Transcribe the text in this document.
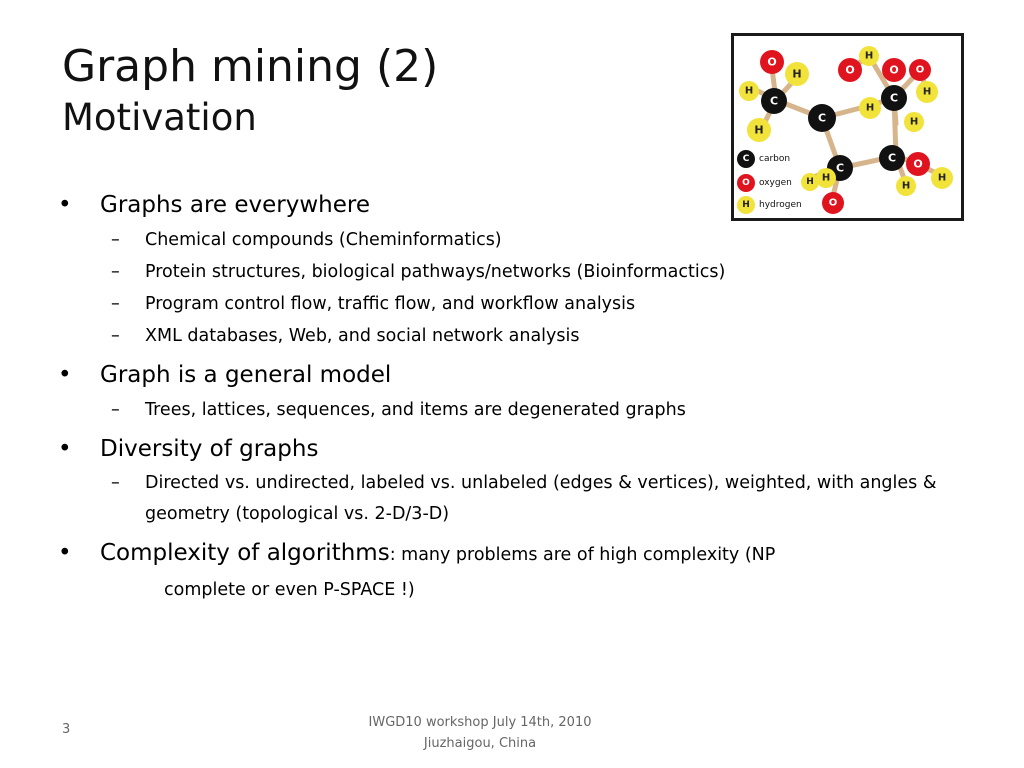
Graph mining (2)
Motivation
O
H
H
C
H
C
O
H
H
O O
C H
H
C
O
H
H
C O
H
H
C carbon
O oxygen
H hydrogen
• Graphs are everywhere
– Chemical compounds (Cheminformatics)
– Protein structures, biological pathways/networks (Bioinformactics)
– Program control flow, traffic flow, and workflow analysis
– XML databases, Web, and social network analysis
• Graph is a general model
– Trees, lattices, sequences, and items are degenerated graphs
• Diversity of graphs
– Directed vs. undirected, labeled vs. unlabeled (edges & vertices), weighted, with angles & geometry (topological vs. 2-D/3-D)
• Complexity of algorithms: many problems are of high complexity (NP
complete or even P-SPACE !)
IWGD10 workshop July 14th, 2010
Jiuzhaigou, China
3
